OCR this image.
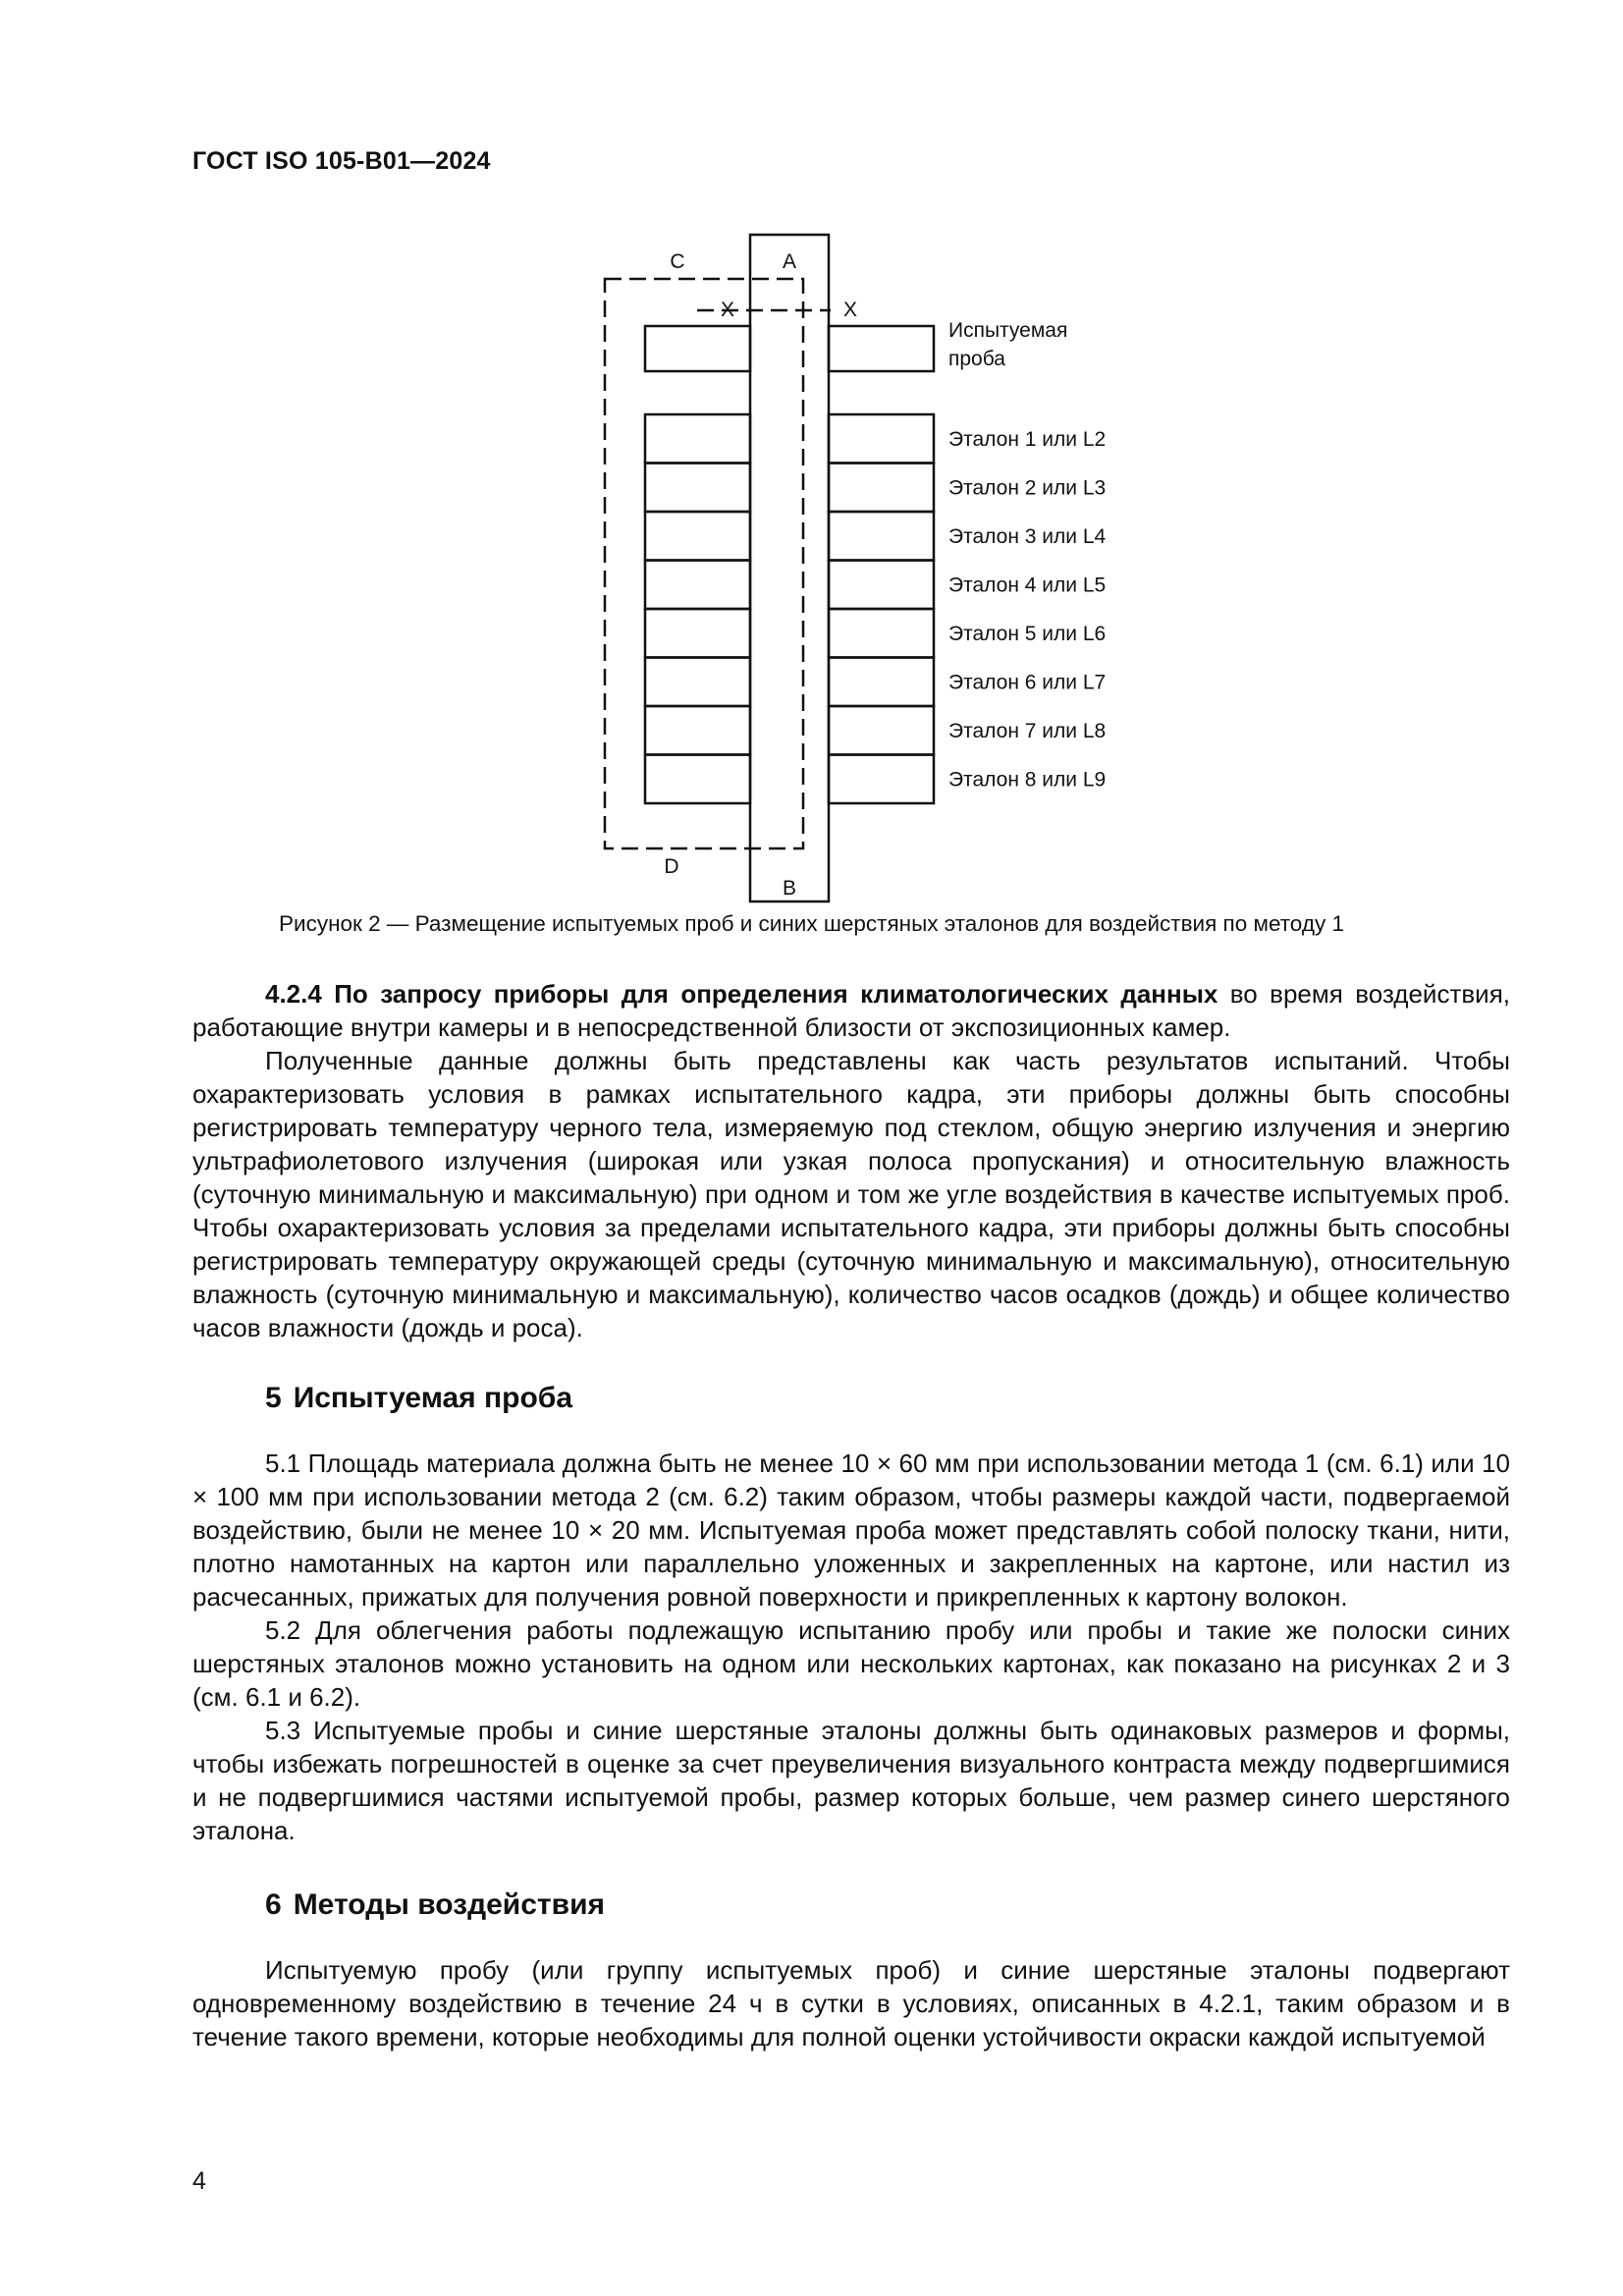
ГОСТ ISO 105-B01—2024
C	A
X	X
D
B
Испытуемая
проба
Эталон 1 или L2
Эталон 2 или L3
Эталон 3 или L4
Эталон 4 или L5
Эталон 5 или L6
Эталон 6 или L7
Эталон 7 или L8
Эталон 8 или L9
Рисунок 2 — Размещение испытуемых проб и синих шерстяных эталонов для воздействия по методу 1

4.2.4 По запросу приборы для определения климатологических данных во время воздействия, работающие внутри камеры и в непосредственной близости от экспозиционных камер.

Полученные данные должны быть представлены как часть результатов испытаний. Чтобы охарактеризовать условия в рамках испытательного кадра, эти приборы должны быть способны регистрировать температуру черного тела, измеряемую под стеклом, общую энергию излучения и энергию ультрафиолетового излучения (широкая или узкая полоса пропускания) и относительную влажность (суточную минимальную и максимальную) при одном и том же угле воздействия в качестве испытуемых проб. Чтобы охарактеризовать условия за пределами испытательного кадра, эти приборы должны быть способны регистрировать температуру окружающей среды (суточную минимальную и максимальную), относительную влажность (суточную минимальную и максимальную), количество часов осадков (дождь) и общее количество часов влажности (дождь и роса).

5 Испытуемая проба

5.1 Площадь материала должна быть не менее 10 × 60 мм при использовании метода 1 (см. 6.1) или 10 × 100 мм при использовании метода 2 (см. 6.2) таким образом, чтобы размеры каждой части, подвергаемой воздействию, были не менее 10 × 20 мм. Испытуемая проба может представлять собой полоску ткани, нити, плотно намотанных на картон или параллельно уложенных и закрепленных на картоне, или настил из расчесанных, прижатых для получения ровной поверхности и прикрепленных к картону волокон.

5.2 Для облегчения работы подлежащую испытанию пробу или пробы и такие же полоски синих шерстяных эталонов можно установить на одном или нескольких картонах, как показано на рисунках 2 и 3 (см. 6.1 и 6.2).

5.3 Испытуемые пробы и синие шерстяные эталоны должны быть одинаковых размеров и формы, чтобы избежать погрешностей в оценке за счет преувеличения визуального контраста между подвергшимися и не подвергшимися частями испытуемой пробы, размер которых больше, чем размер синего шерстяного эталона.

6 Методы воздействия

Испытуемую пробу (или группу испытуемых проб) и синие шерстяные эталоны подвергают одновременному воздействию в течение 24 ч в сутки в условиях, описанных в 4.2.1, таким образом и в течение такого времени, которые необходимы для полной оценки устойчивости окраски каждой испытуемой

4
